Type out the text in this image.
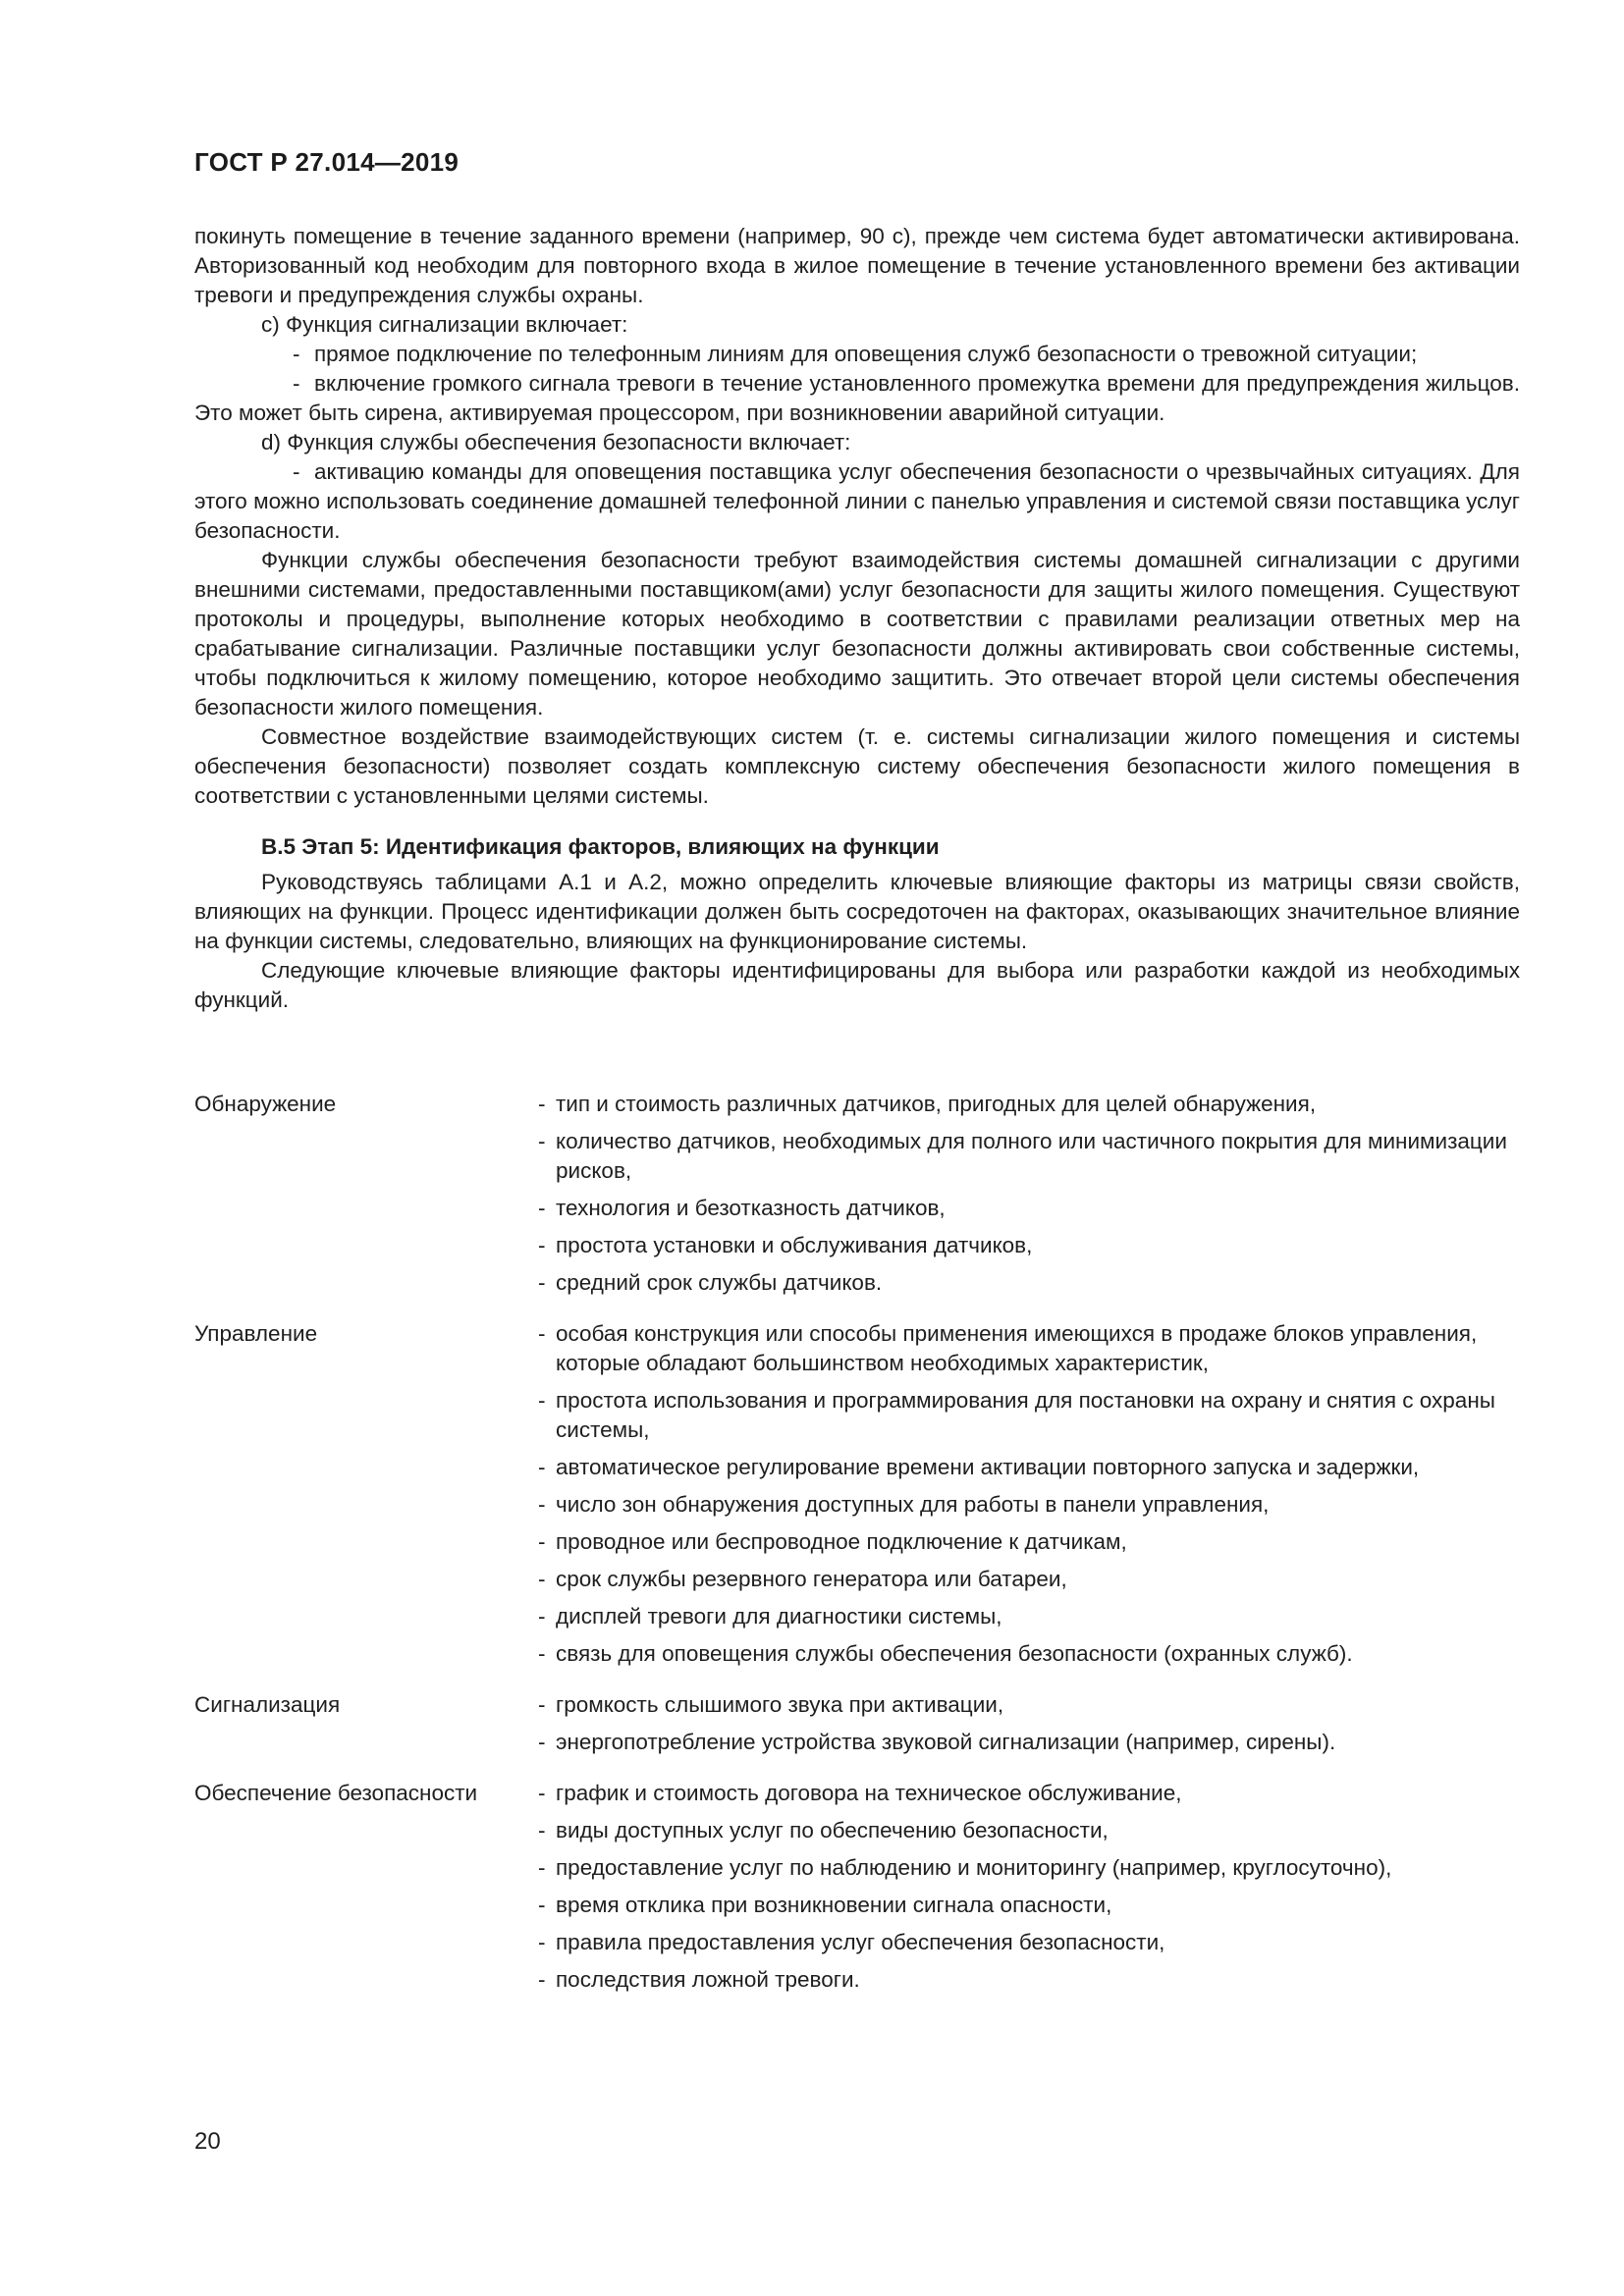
ГОСТ Р 27.014—2019

покинуть помещение в течение заданного времени (например, 90 с), прежде чем система будет автоматически активирована. Авторизованный код необходим для повторного входа в жилое помещение в течение установленного времени без активации тревоги и предупреждения службы охраны.

c) Функция сигнализации включает:

- прямое подключение по телефонным линиям для оповещения служб безопасности о тревожной ситуации;

- включение громкого сигнала тревоги в течение установленного промежутка времени для предупреждения жильцов. Это может быть сирена, активируемая процессором, при возникновении аварийной ситуации.

d) Функция службы обеспечения безопасности включает:

- активацию команды для оповещения поставщика услуг обеспечения безопасности о чрезвычайных ситуациях. Для этого можно использовать соединение домашней телефонной линии с панелью управления и системой связи поставщика услуг безопасности.

Функции службы обеспечения безопасности требуют взаимодействия системы домашней сигнализации с другими внешними системами, предоставленными поставщиком(ами) услуг безопасности для защиты жилого помещения. Существуют протоколы и процедуры, выполнение которых необходимо в соответствии с правилами реализации ответных мер на срабатывание сигнализации. Различные поставщики услуг безопасности должны активировать свои собственные системы, чтобы подключиться к жилому помещению, которое необходимо защитить. Это отвечает второй цели системы обеспечения безопасности жилого помещения.

Совместное воздействие взаимодействующих систем (т. е. системы сигнализации жилого помещения и системы обеспечения безопасности) позволяет создать комплексную систему обеспечения безопасности жилого помещения в соответствии с установленными целями системы.

B.5 Этап 5: Идентификация факторов, влияющих на функции

Руководствуясь таблицами А.1 и А.2, можно определить ключевые влияющие факторы из матрицы связи свойств, влияющих на функции. Процесс идентификации должен быть сосредоточен на факторах, оказывающих значительное влияние на функции системы, следовательно, влияющих на функционирование системы.

Следующие ключевые влияющие факторы идентифицированы для выбора или разработки каждой из необходимых функций.

Обнаружение	- тип и стоимость различных датчиков, пригодных для целей обнаружения,
- количество датчиков, необходимых для полного или частичного покрытия для минимизации рисков,
- технология и безотказность датчиков,
- простота установки и обслуживания датчиков,
- средний срок службы датчиков.
Управление	- особая конструкция или способы применения имеющихся в продаже блоков управления, которые обладают большинством необходимых характеристик,
- простота использования и программирования для постановки на охрану и снятия с охраны системы,
- автоматическое регулирование времени активации повторного запуска и задержки,
- число зон обнаружения доступных для работы в панели управления,
- проводное или беспроводное подключение к датчикам,
- срок службы резервного генератора или батареи,
- дисплей тревоги для диагностики системы,
- связь для оповещения службы обеспечения безопасности (охранных служб).
Сигнализация	- громкость слышимого звука при активации,
- энергопотребление устройства звуковой сигнализации (например, сирены).
Обеспечение безопасности	- график и стоимость договора на техническое обслуживание,
- виды доступных услуг по обеспечению безопасности,
- предоставление услуг по наблюдению и мониторингу (например, круглосуточно),
- время отклика при возникновении сигнала опасности,
- правила предоставления услуг обеспечения безопасности,
- последствия ложной тревоги.
20
